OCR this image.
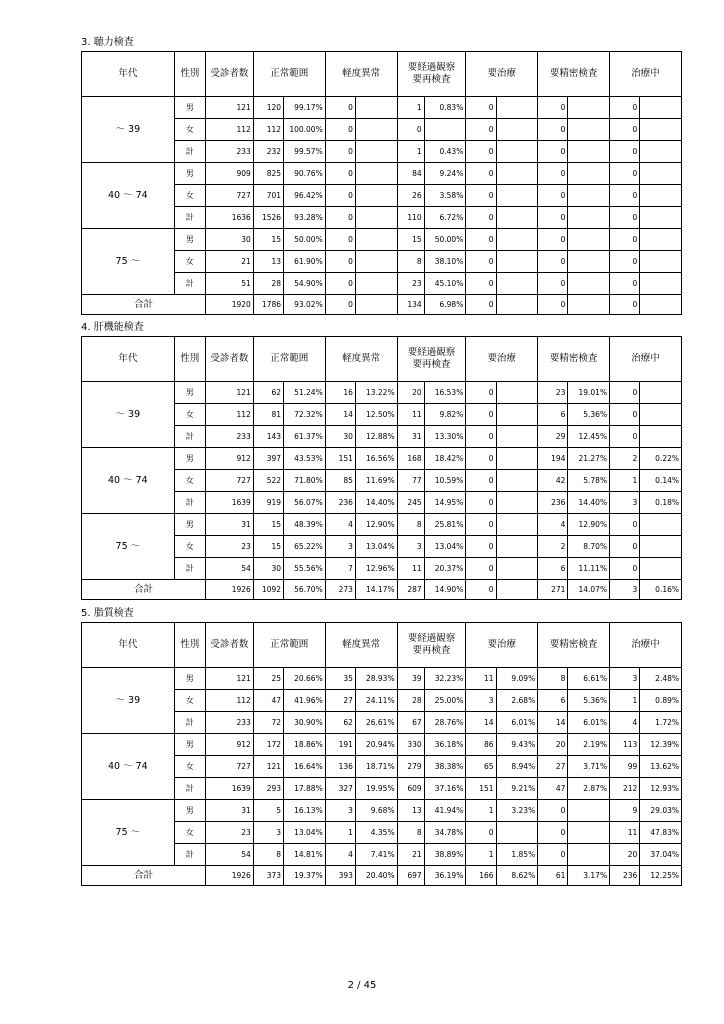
3. 聴力検査
年代	性別	受診者数	正常範囲		軽度異常		要経過観察
要再検査		要治療		要精密検査		治療中	
～ 39	男	121	120	99.17%	0		1	0.83%	0		0		0	
	女	112	112	100.00%	0		0		0		0		0	
	計	233	232	99.57%	0		1	0.43%	0		0		0	
40 ～ 74	男	909	825	90.76%	0		84	9.24%	0		0		0	
	女	727	701	96.42%	0		26	3.58%	0		0		0	
	計	1636	1526	93.28%	0		110	6.72%	0		0		0	
75 ～	男	30	15	50.00%	0		15	50.00%	0		0		0	
	女	21	13	61.90%	0		8	38.10%	0		0		0	
	計	51	28	54.90%	0		23	45.10%	0		0		0	
合計		1920	1786	93.02%	0		134	6.98%	0		0		0	
4. 肝機能検査
年代	性別	受診者数	正常範囲		軽度異常		要経過観察
要再検査		要治療		要精密検査		治療中	
～ 39	男	121	62	51.24%	16	13.22%	20	16.53%	0		23	19.01%	0	
	女	112	81	72.32%	14	12.50%	11	9.82%	0		6	5.36%	0	
	計	233	143	61.37%	30	12.88%	31	13.30%	0		29	12.45%	0	
40 ～ 74	男	912	397	43.53%	151	16.56%	168	18.42%	0		194	21.27%	2	0.22%
	女	727	522	71.80%	85	11.69%	77	10.59%	0		42	5.78%	1	0.14%
	計	1639	919	56.07%	236	14.40%	245	14.95%	0		236	14.40%	3	0.18%
75 ～	男	31	15	48.39%	4	12.90%	8	25.81%	0		4	12.90%	0	
	女	23	15	65.22%	3	13.04%	3	13.04%	0		2	8.70%	0	
	計	54	30	55.56%	7	12.96%	11	20.37%	0		6	11.11%	0	
合計		1926	1092	56.70%	273	14.17%	287	14.90%	0		271	14.07%	3	0.16%
5. 脂質検査
年代	性別	受診者数	正常範囲		軽度異常		要経過観察
要再検査		要治療		要精密検査		治療中	
～ 39	男	121	25	20.66%	35	28.93%	39	32.23%	11	9.09%	8	6.61%	3	2.48%
	女	112	47	41.96%	27	24.11%	28	25.00%	3	2.68%	6	5.36%	1	0.89%
	計	233	72	30.90%	62	26.61%	67	28.76%	14	6.01%	14	6.01%	4	1.72%
40 ～ 74	男	912	172	18.86%	191	20.94%	330	36.18%	86	9.43%	20	2.19%	113	12.39%
	女	727	121	16.64%	136	18.71%	279	38.38%	65	8.94%	27	3.71%	99	13.62%
	計	1639	293	17.88%	327	19.95%	609	37.16%	151	9.21%	47	2.87%	212	12.93%
75 ～	男	31	5	16.13%	3	9.68%	13	41.94%	1	3.23%	0		9	29.03%
	女	23	3	13.04%	1	4.35%	8	34.78%	0		0		11	47.83%
	計	54	8	14.81%	4	7.41%	21	38.89%	1	1.85%	0		20	37.04%
合計		1926	373	19.37%	393	20.40%	697	36.19%	166	8.62%	61	3.17%	236	12.25%
2 / 45
